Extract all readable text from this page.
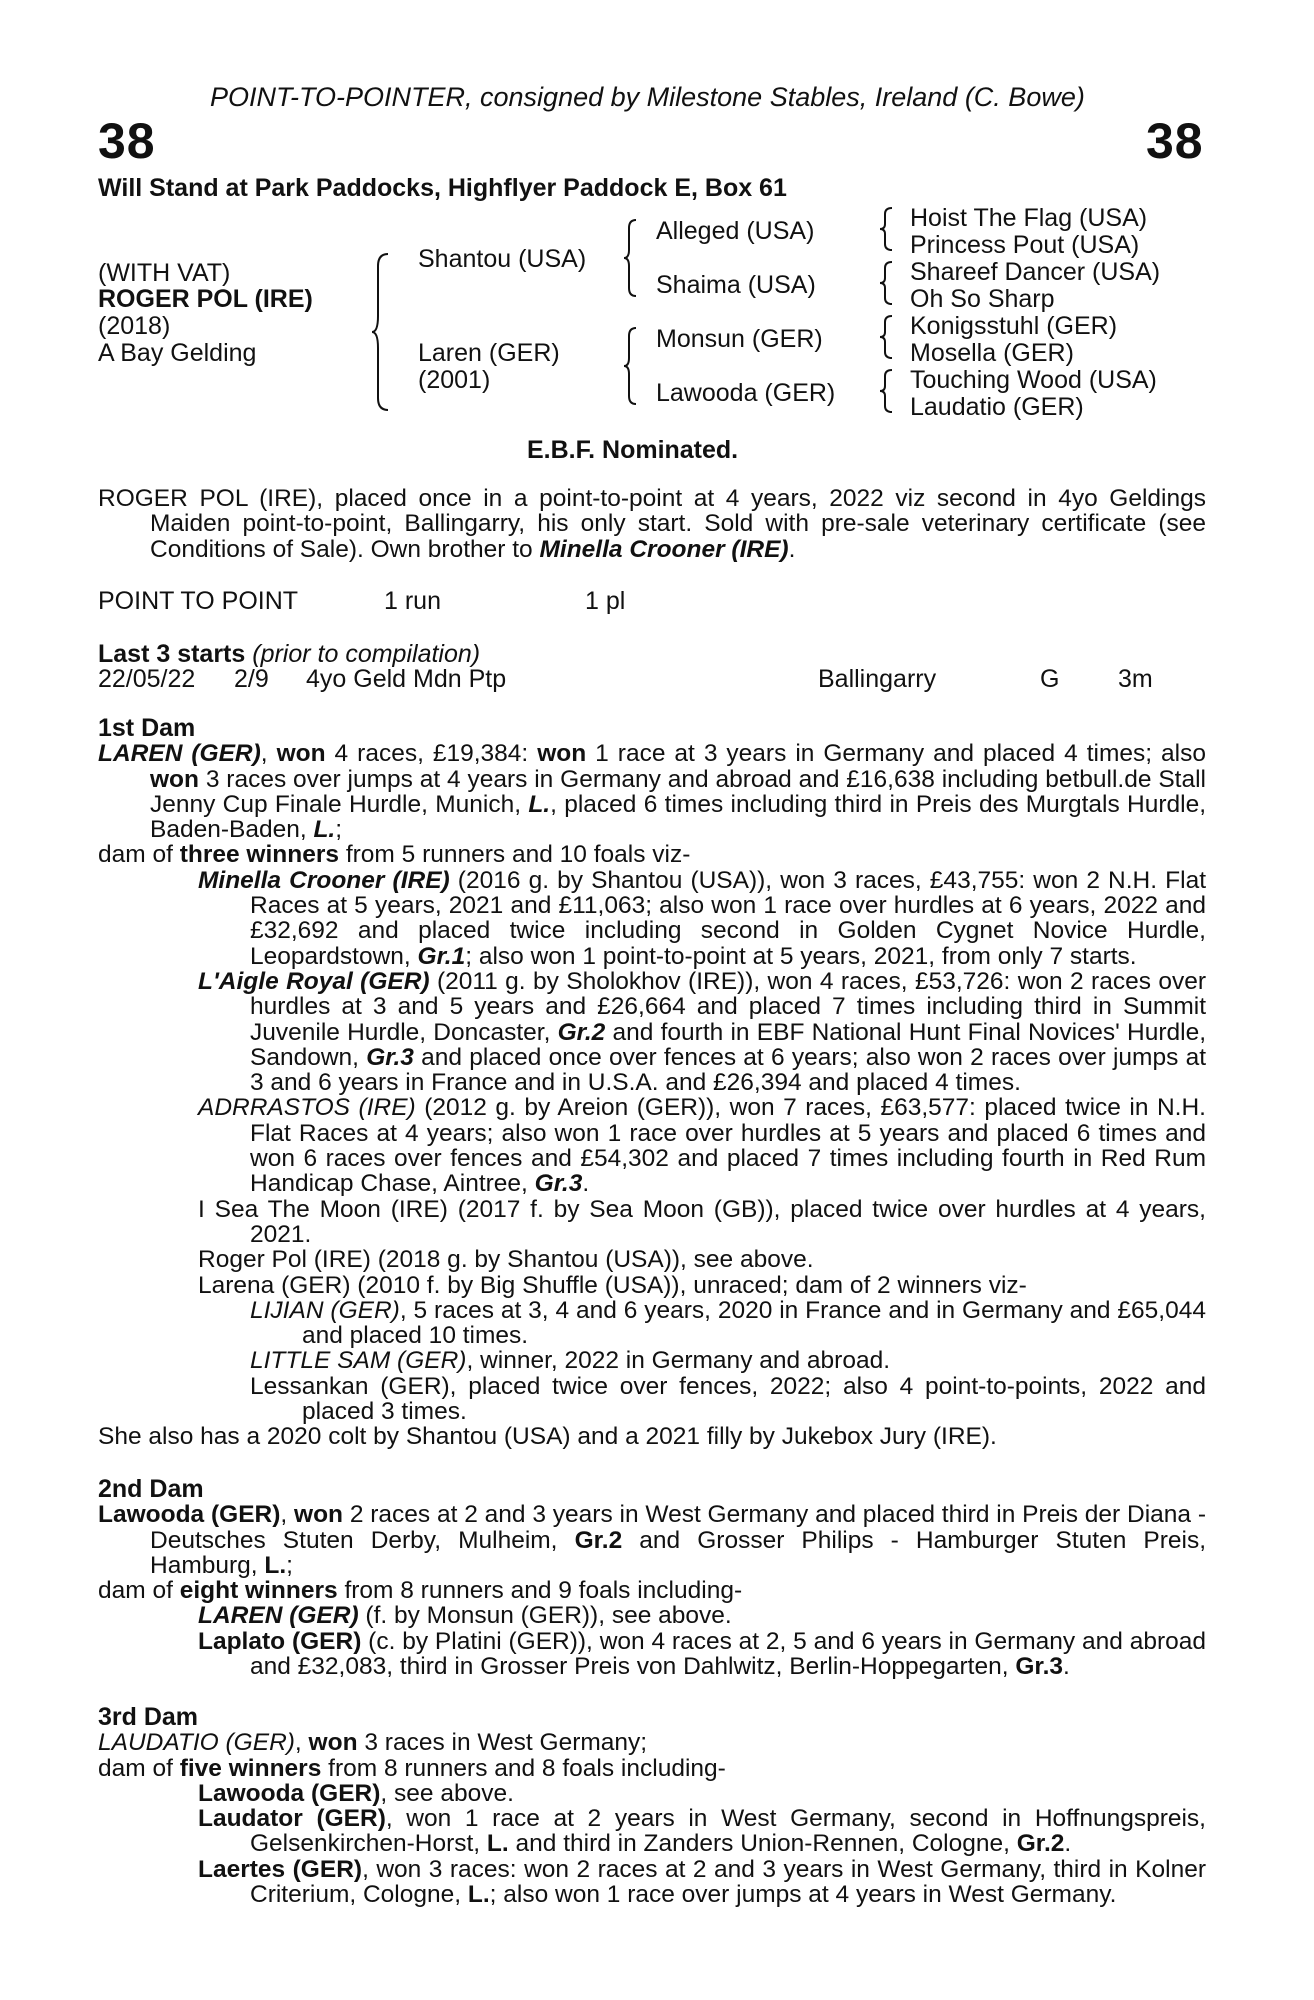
POINT-TO-POINTER, consigned by Milestone Stables, Ireland (C. Bowe)
38	38
Will Stand at Park Paddocks, Highflyer Paddock E, Box 61
(WITH VAT)
ROGER POL (IRE)
(2018)
A Bay Gelding
Shantou (USA)
Laren (GER)
(2001)
Alleged (USA)
Shaima (USA)
Monsun (GER)
Lawooda (GER)
Hoist The Flag (USA)
Princess Pout (USA)
Shareef Dancer (USA)
Oh So Sharp
Konigsstuhl (GER)
Mosella (GER)
Touching Wood (USA)
Laudatio (GER)
E.B.F. Nominated.

ROGER POL (IRE), placed once in a point-to-point at 4 years, 2022 viz second in 4yo Geldings Maiden point-to-point, Ballingarry, his only start. Sold with pre-sale veterinary certificate (see Conditions of Sale). Own brother to Minella Crooner (IRE).

POINT TO POINT	1 run	1 pl
Last 3 starts (prior to compilation)
22/05/22 2/9 4yo Geld Mdn Ptp	Ballingarry	G 3m
1st Dam

LAREN (GER), won 4 races, £19,384: won 1 race at 3 years in Germany and placed 4 times; also won 3 races over jumps at 4 years in Germany and abroad and £16,638 including betbull.de Stall Jenny Cup Finale Hurdle, Munich, L., placed 6 times including third in Preis des Murgtals Hurdle, Baden-Baden, L.;

dam of three winners from 5 runners and 10 foals viz-

Minella Crooner (IRE) (2016 g. by Shantou (USA)), won 3 races, £43,755: won 2 N.H. Flat Races at 5 years, 2021 and £11,063; also won 1 race over hurdles at 6 years, 2022 and £32,692 and placed twice including second in Golden Cygnet Novice Hurdle, Leopardstown, Gr.1; also won 1 point-to-point at 5 years, 2021, from only 7 starts.

L'Aigle Royal (GER) (2011 g. by Sholokhov (IRE)), won 4 races, £53,726: won 2 races over hurdles at 3 and 5 years and £26,664 and placed 7 times including third in Summit Juvenile Hurdle, Doncaster, Gr.2 and fourth in EBF National Hunt Final Novices' Hurdle, Sandown, Gr.3 and placed once over fences at 6 years; also won 2 races over jumps at 3 and 6 years in France and in U.S.A. and £26,394 and placed 4 times.

ADRRASTOS (IRE) (2012 g. by Areion (GER)), won 7 races, £63,577: placed twice in N.H. Flat Races at 4 years; also won 1 race over hurdles at 5 years and placed 6 times and won 6 races over fences and £54,302 and placed 7 times including fourth in Red Rum Handicap Chase, Aintree, Gr.3.

I Sea The Moon (IRE) (2017 f. by Sea Moon (GB)), placed twice over hurdles at 4 years, 2021.

Roger Pol (IRE) (2018 g. by Shantou (USA)), see above.

Larena (GER) (2010 f. by Big Shuffle (USA)), unraced; dam of 2 winners viz-

LIJIAN (GER), 5 races at 3, 4 and 6 years, 2020 in France and in Germany and £65,044 and placed 10 times.

LITTLE SAM (GER), winner, 2022 in Germany and abroad.

Lessankan (GER), placed twice over fences, 2022; also 4 point-to-points, 2022 and placed 3 times.

She also has a 2020 colt by Shantou (USA) and a 2021 filly by Jukebox Jury (IRE).

2nd Dam

Lawooda (GER), won 2 races at 2 and 3 years in West Germany and placed third in Preis der Diana - Deutsches Stuten Derby, Mulheim, Gr.2 and Grosser Philips - Hamburger Stuten Preis, Hamburg, L.;

dam of eight winners from 8 runners and 9 foals including-

LAREN (GER) (f. by Monsun (GER)), see above.

Laplato (GER) (c. by Platini (GER)), won 4 races at 2, 5 and 6 years in Germany and abroad and £32,083, third in Grosser Preis von Dahlwitz, Berlin-Hoppegarten, Gr.3.

3rd Dam

LAUDATIO (GER), won 3 races in West Germany;

dam of five winners from 8 runners and 8 foals including-

Lawooda (GER), see above.

Laudator (GER), won 1 race at 2 years in West Germany, second in Hoffnungspreis, Gelsenkirchen-Horst, L. and third in Zanders Union-Rennen, Cologne, Gr.2.

Laertes (GER), won 3 races: won 2 races at 2 and 3 years in West Germany, third in Kolner Criterium, Cologne, L.; also won 1 race over jumps at 4 years in West Germany.
